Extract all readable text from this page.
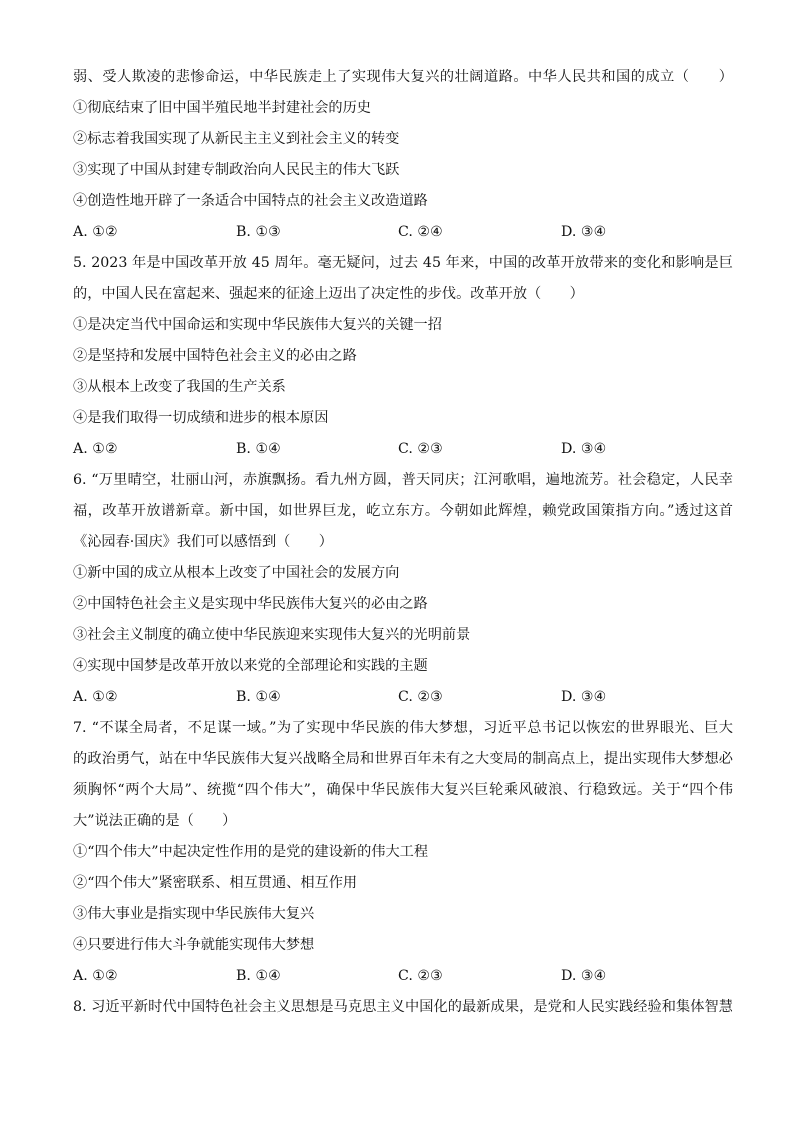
弱、受人欺凌的悲惨命运，中华民族走上了实现伟大复兴的壮阔道路。中华人民共和国的成立（　　）
①彻底结束了旧中国半殖民地半封建社会的历史
②标志着我国实现了从新民主主义到社会主义的转变
③实现了中国从封建专制政治向人民民主的伟大飞跃
④创造性地开辟了一条适合中国特点的社会主义改造道路
A. ①②	B. ①③	C. ②④	D. ③④
5. 2023 年是中国改革开放 45 周年。毫无疑问，过去 45 年来，中国的改革开放带来的变化和影响是巨
的，中国人民在富起来、强起来的征途上迈出了决定性的步伐。改革开放（　　）
①是决定当代中国命运和实现中华民族伟大复兴的关键一招
②是坚持和发展中国特色社会主义的必由之路
③从根本上改变了我国的生产关系
④是我们取得一切成绩和进步的根本原因
A. ①②	B. ①④	C. ②③	D. ③④
6. “万里晴空，壮丽山河，赤旗飘扬。看九州方圆，普天同庆；江河歌唱，遍地流芳。社会稳定，人民幸
福，改革开放谱新章。新中国，如世界巨龙，屹立东方。今朝如此辉煌，赖党政国策指方向。”透过这首
《沁园春·国庆》我们可以感悟到（　　）
①新中国的成立从根本上改变了中国社会的发展方向
②中国特色社会主义是实现中华民族伟大复兴的必由之路
③社会主义制度的确立使中华民族迎来实现伟大复兴的光明前景
④实现中国梦是改革开放以来党的全部理论和实践的主题
A. ①②	B. ①④	C. ②③	D. ③④
7. “不谋全局者，不足谋一域。”为了实现中华民族的伟大梦想，习近平总书记以恢宏的世界眼光、巨大
的政治勇气，站在中华民族伟大复兴战略全局和世界百年未有之大变局的制高点上，提出实现伟大梦想必
须胸怀“两个大局”、统揽“四个伟大”，确保中华民族伟大复兴巨轮乘风破浪、行稳致远。关于“四个伟
大”说法正确的是（　　）
①“四个伟大”中起决定性作用的是党的建设新的伟大工程
②“四个伟大”紧密联系、相互贯通、相互作用
③伟大事业是指实现中华民族伟大复兴
④只要进行伟大斗争就能实现伟大梦想
A. ①②	B. ①④	C. ②③	D. ③④
8. 习近平新时代中国特色社会主义思想是马克思主义中国化的最新成果，是党和人民实践经验和集体智慧
